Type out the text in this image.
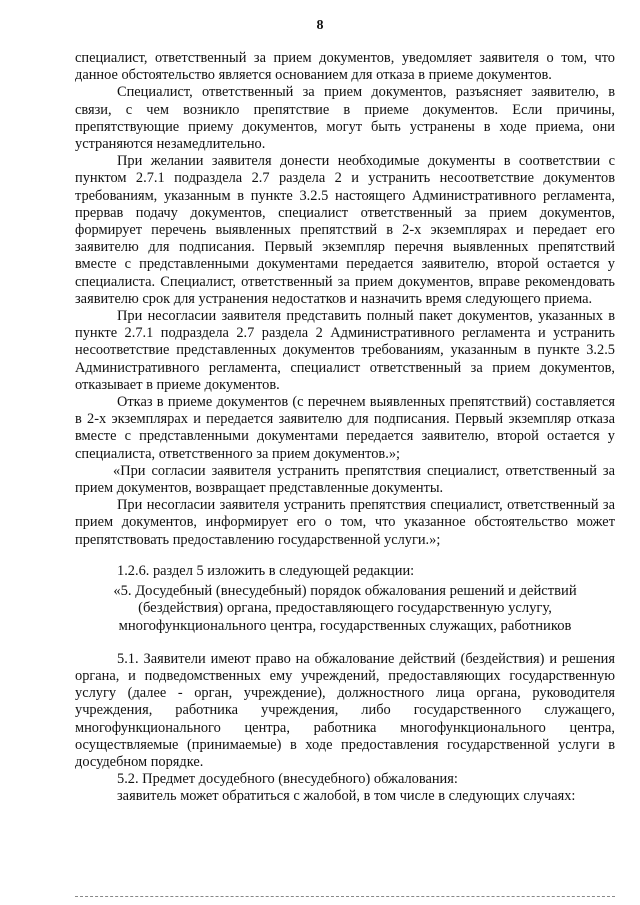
8

специалист, ответственный за прием документов, уведомляет заявителя о том, что данное обстоятельство является основанием для отказа в приеме документов.

Специалист, ответственный за прием документов, разъясняет заявителю, в связи, с чем возникло препятствие в приеме документов. Если причины, препятствующие приему документов, могут быть устранены в ходе приема, они устраняются незамедлительно.

При желании заявителя донести необходимые документы в соответствии с пунктом 2.7.1 подраздела 2.7 раздела 2 и устранить несоответствие документов требованиям, указанным в пункте 3.2.5 настоящего Административного регламента, прервав подачу документов, специалист ответственный за прием документов, формирует перечень выявленных препятствий в 2-х экземплярах и передает его заявителю для подписания. Первый экземпляр перечня выявленных препятствий вместе с представленными документами передается заявителю, второй остается у специалиста. Специалист, ответственный за прием документов, вправе рекомендовать заявителю срок для устранения недостатков и назначить время следующего приема.

При несогласии заявителя представить полный пакет документов, указанных в пункте 2.7.1 подраздела 2.7 раздела 2 Административного регламента и устранить несоответствие представленных документов требованиям, указанным в пункте 3.2.5 Административного регламента, специалист ответственный за прием документов, отказывает в приеме документов.

Отказ в приеме документов (с перечнем выявленных препятствий) составляется в 2-х экземплярах и передается заявителю для подписания. Первый экземпляр отказа вместе с представленными документами передается заявителю, второй остается у специалиста, ответственного за прием документов.»;

«При согласии заявителя устранить препятствия специалист, ответственный за прием документов, возвращает представленные документы.

При несогласии заявителя устранить препятствия специалист, ответственный за прием документов, информирует его о том, что указанное обстоятельство может препятствовать предоставлению государственной услуги.»;

1.2.6. раздел 5 изложить в следующей редакции:

«5. Досудебный (внесудебный) порядок обжалования решений и действий
(бездействия) органа, предоставляющего государственную услугу,
многофункционального центра, государственных служащих, работников

5.1. Заявители имеют право на обжалование действий (бездействия) и решения органа, и подведомственных ему учреждений, предоставляющих государственную услугу (далее - орган, учреждение), должностного лица органа, руководителя учреждения, работника учреждения, либо государственного служащего, многофункционального центра, работника многофункционального центра, осуществляемые (принимаемые) в ходе предоставления государственной услуги в досудебном порядке.

5.2. Предмет досудебного (внесудебного) обжалования:

заявитель может обратиться с жалобой, в том числе в следующих случаях:
